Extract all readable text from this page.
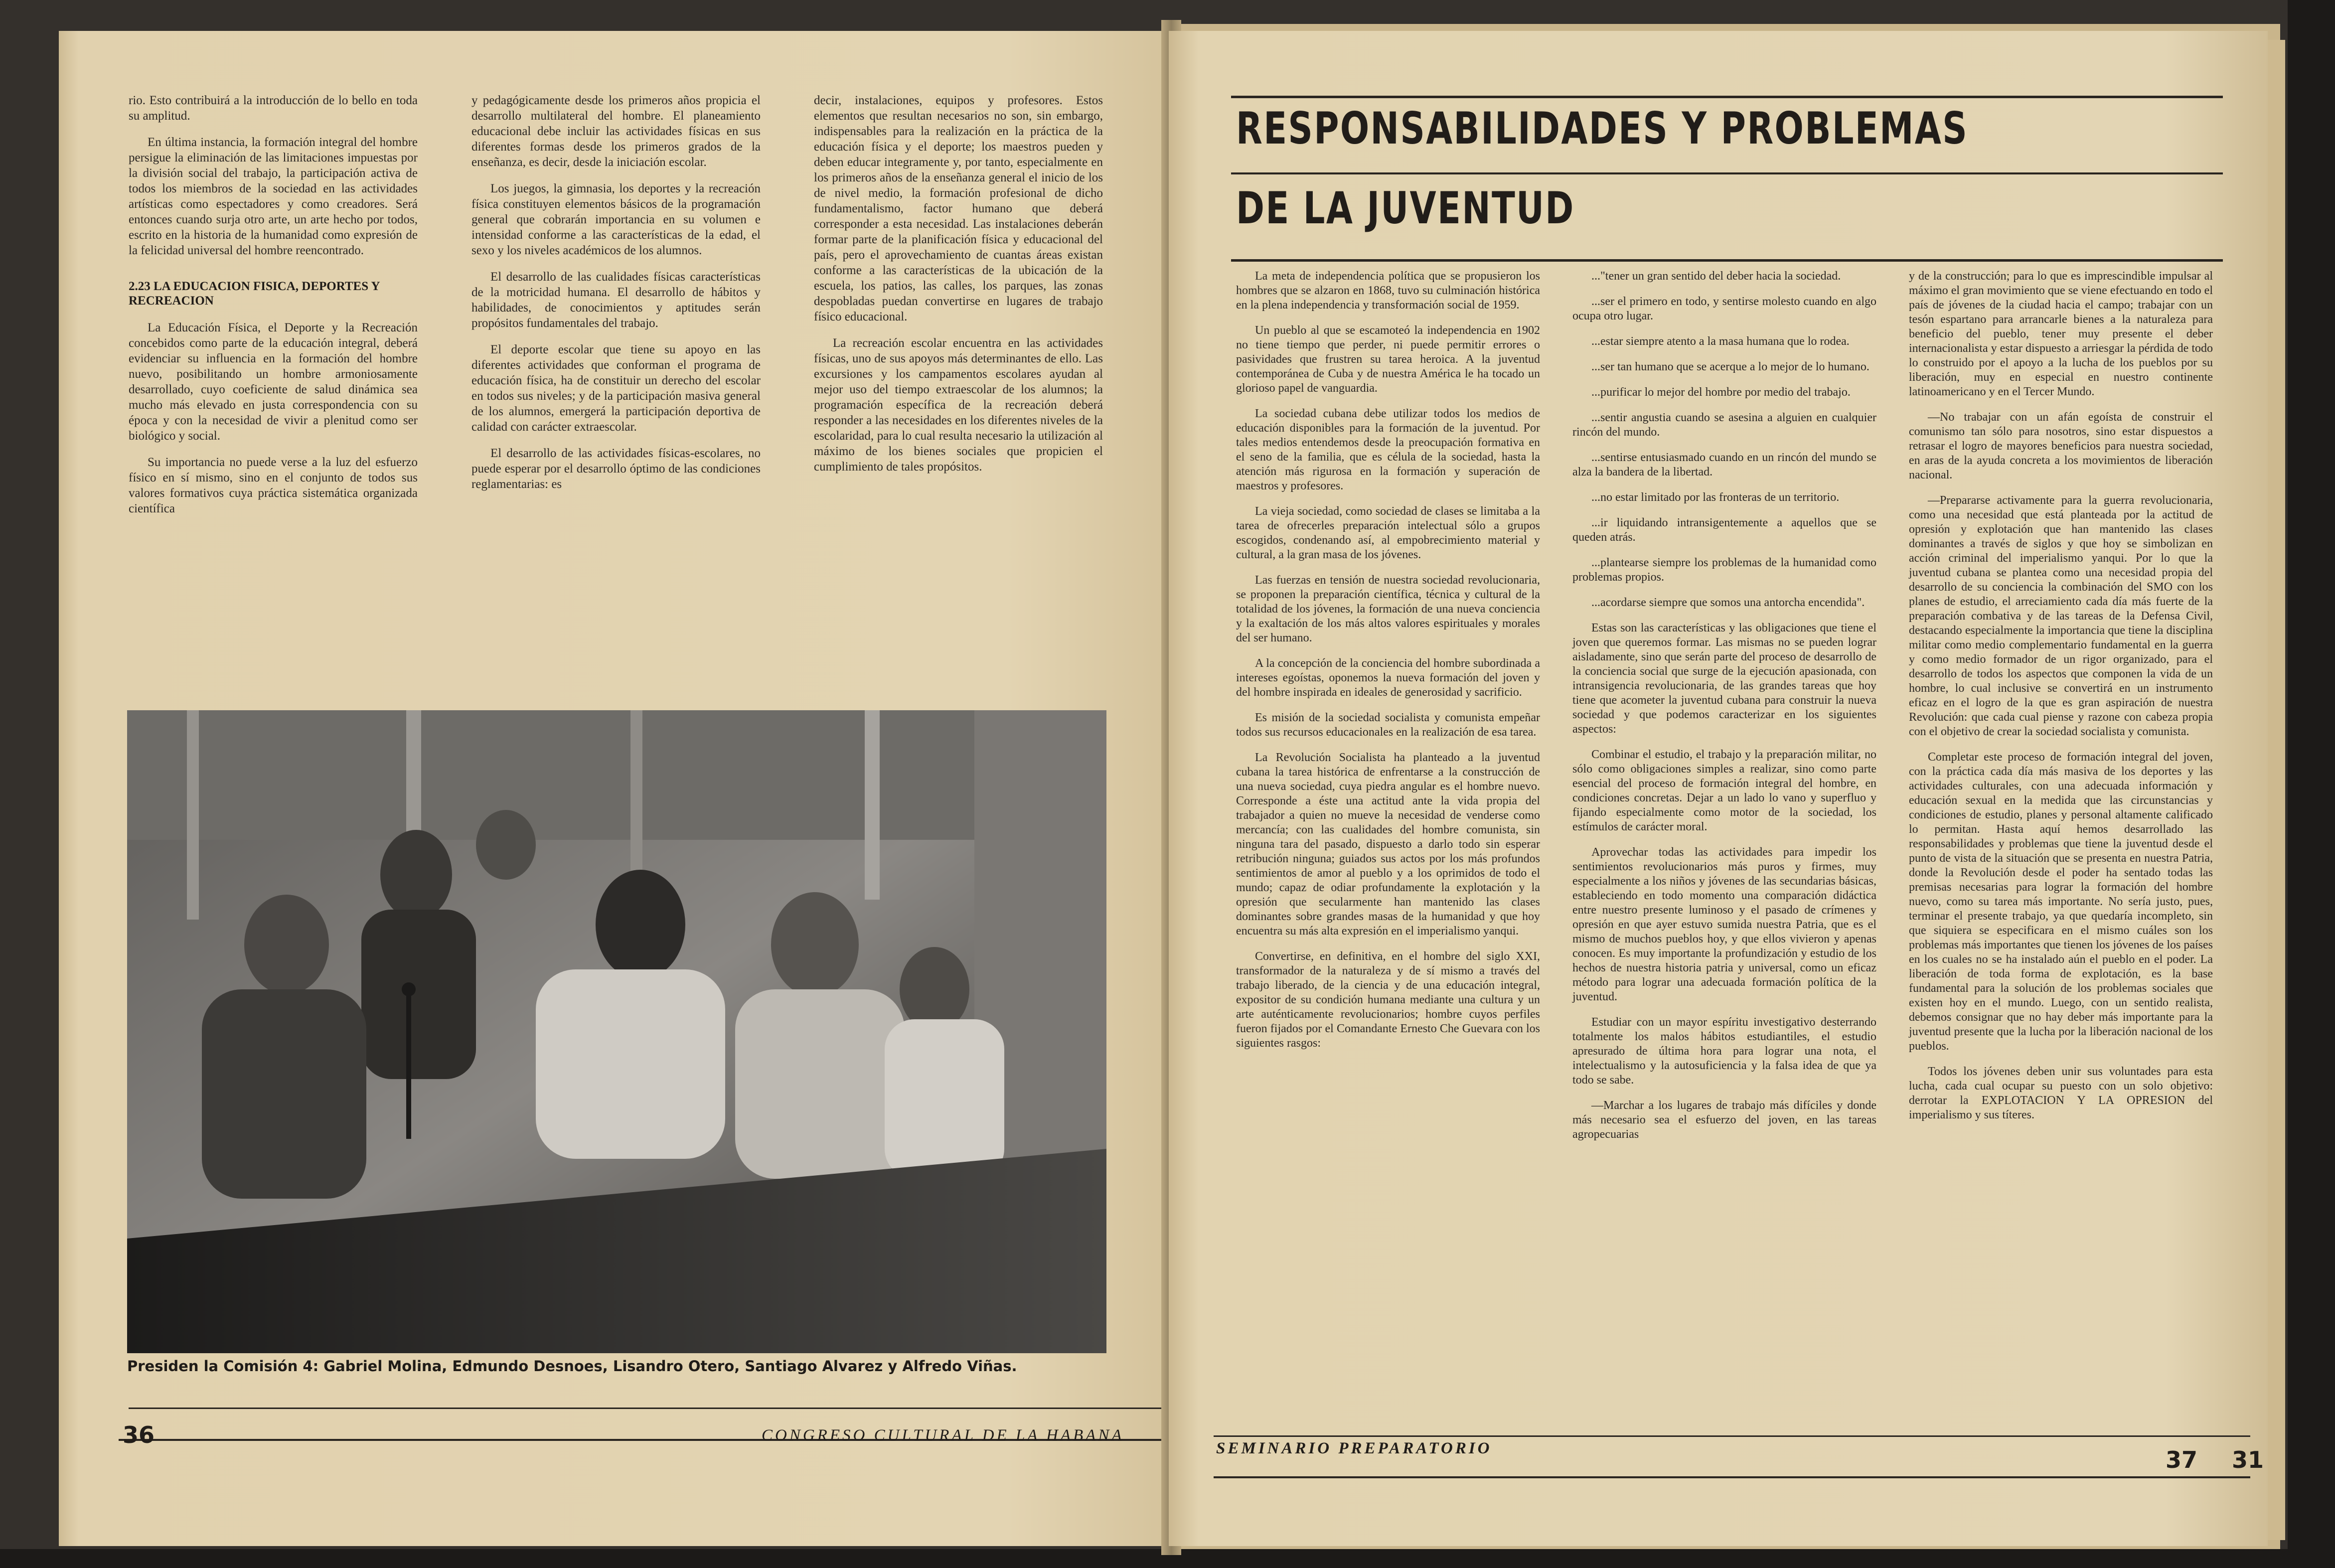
rio. Esto contribuirá a la introducción de lo bello en toda su amplitud.

En última instancia, la formación integral del hombre persigue la eliminación de las limitaciones impuestas por la división social del trabajo, la participación activa de todos los miembros de la sociedad en las actividades artísticas como espectadores y como creadores. Será entonces cuando surja otro arte, un arte hecho por todos, escrito en la historia de la humanidad como expresión de la felicidad universal del hombre reencontrado.

2.23 LA EDUCACION FISICA, DEPORTES Y RECREACION

La Educación Física, el Deporte y la Recreación concebidos como parte de la educación integral, deberá evidenciar su influencia en la formación del hombre nuevo, posibilitando un hombre armoniosamente desarrollado, cuyo coeficiente de salud dinámica sea mucho más elevado en justa correspondencia con su época y con la necesidad de vivir a plenitud como ser biológico y social.

Su importancia no puede verse a la luz del esfuerzo físico en sí mismo, sino en el conjunto de todos sus valores formativos cuya práctica sistemática organizada científica

y pedagógicamente desde los primeros años propicia el desarrollo multilateral del hombre. El planeamiento educacional debe incluir las actividades físicas en sus diferentes formas desde los primeros grados de la enseñanza, es decir, desde la iniciación escolar.

Los juegos, la gimnasia, los deportes y la recreación física constituyen elementos básicos de la programación general que cobrarán importancia en su volumen e intensidad conforme a las características de la edad, el sexo y los niveles académicos de los alumnos.

El desarrollo de las cualidades físicas características de la motricidad humana. El desarrollo de hábitos y habilidades, de conocimientos y aptitudes serán propósitos fundamentales del trabajo.

El deporte escolar que tiene su apoyo en las diferentes actividades que conforman el programa de educación física, ha de constituir un derecho del escolar en todos sus niveles; y de la participación masiva general de los alumnos, emergerá la participación deportiva de calidad con carácter extraescolar.

El desarrollo de las actividades físicas-escolares, no puede esperar por el desarrollo óptimo de las condiciones reglamentarias: es

decir, instalaciones, equipos y profesores. Estos elementos que resultan necesarios no son, sin embargo, indispensables para la realización en la práctica de la educación física y el deporte; los maestros pueden y deben educar integramente y, por tanto, especialmente en los primeros años de la enseñanza general el inicio de los de nivel medio, la formación profesional de dicho fundamentalismo, factor humano que deberá corresponder a esta necesidad. Las instalaciones deberán formar parte de la planificación física y educacional del país, pero el aprovechamiento de cuantas áreas existan conforme a las características de la ubicación de la escuela, los patios, las calles, los parques, las zonas despobladas puedan convertirse en lugares de trabajo físico educacional.

La recreación escolar encuentra en las actividades físicas, uno de sus apoyos más determinantes de ello. Las excursiones y los campamentos escolares ayudan al mejor uso del tiempo extraescolar de los alumnos; la programación específica de la recreación deberá responder a las necesidades en los diferentes niveles de la escolaridad, para lo cual resulta necesario la utilización al máximo de los bienes sociales que propicien el cumplimiento de tales propósitos.

36	CONGRESO CULTURAL DE LA HABANA

Presiden la Comisión 4: Gabriel Molina, Edmundo Desnoes, Lisandro Otero, Santiago Alvarez y Alfredo Viñas.

RESPONSABILIDADES Y PROBLEMAS

DE LA JUVENTUD

La meta de independencia política que se propusieron los hombres que se alzaron en 1868, tuvo su culminación histórica en la plena independencia y transformación social de 1959.

Un pueblo al que se escamoteó la independencia en 1902 no tiene tiempo que perder, ni puede permitir errores o pasividades que frustren su tarea heroica. A la juventud contemporánea de Cuba y de nuestra América le ha tocado un glorioso papel de vanguardia.

La sociedad cubana debe utilizar todos los medios de educación disponibles para la formación de la juventud. Por tales medios entendemos desde la preocupación formativa en el seno de la familia, que es célula de la sociedad, hasta la atención más rigurosa en la formación y superación de maestros y profesores.

La vieja sociedad, como sociedad de clases se limitaba a la tarea de ofrecerles preparación intelectual sólo a grupos escogidos, condenando así, al empobrecimiento material y cultural, a la gran masa de los jóvenes.

Las fuerzas en tensión de nuestra sociedad revolucionaria, se proponen la preparación científica, técnica y cultural de la totalidad de los jóvenes, la formación de una nueva conciencia y la exaltación de los más altos valores espirituales y morales del ser humano.

A la concepción de la conciencia del hombre subordinada a intereses egoístas, oponemos la nueva formación del joven y del hombre inspirada en ideales de generosidad y sacrificio.

Es misión de la sociedad socialista y comunista empeñar todos sus recursos educacionales en la realización de esa tarea.

La Revolución Socialista ha planteado a la juventud cubana la tarea histórica de enfrentarse a la construcción de una nueva sociedad, cuya piedra angular es el hombre nuevo. Corresponde a éste una actitud ante la vida propia del trabajador a quien no mueve la necesidad de venderse como mercancía; con las cualidades del hombre comunista, sin ninguna tara del pasado, dispuesto a darlo todo sin esperar retribución ninguna; guiados sus actos por los más profundos sentimientos de amor al pueblo y a los oprimidos de todo el mundo; capaz de odiar profundamente la explotación y la opresión que secularmente han mantenido las clases dominantes sobre grandes masas de la humanidad y que hoy encuentra su más alta expresión en el imperialismo yanqui.

Convertirse, en definitiva, en el hombre del siglo XXI, transformador de la naturaleza y de sí mismo a través del trabajo liberado, de la ciencia y de una educación integral, expositor de su condición humana mediante una cultura y un arte auténticamente revolucionarios; hombre cuyos perfiles fueron fijados por el Comandante Ernesto Che Guevara con los siguientes rasgos:

..."tener un gran sentido del deber hacia la sociedad.

...ser el primero en todo, y sentirse molesto cuando en algo ocupa otro lugar.

...estar siempre atento a la masa humana que lo rodea.

...ser tan humano que se acerque a lo mejor de lo humano.

...purificar lo mejor del hombre por medio del trabajo.

...sentir angustia cuando se asesina a alguien en cualquier rincón del mundo.

...sentirse entusiasmado cuando en un rincón del mundo se alza la bandera de la libertad.

...no estar limitado por las fronteras de un territorio.

...ir liquidando intransigentemente a aquellos que se queden atrás.

...plantearse siempre los problemas de la humanidad como problemas propios.

...acordarse siempre que somos una antorcha encendida".

Estas son las características y las obligaciones que tiene el joven que queremos formar. Las mismas no se pueden lograr aisladamente, sino que serán parte del proceso de desarrollo de la conciencia social que surge de la ejecución apasionada, con intransigencia revolucionaria, de las grandes tareas que hoy tiene que acometer la juventud cubana para construir la nueva sociedad y que podemos caracterizar en los siguientes aspectos:

Combinar el estudio, el trabajo y la preparación militar, no sólo como obligaciones simples a realizar, sino como parte esencial del proceso de formación integral del hombre, en condiciones concretas. Dejar a un lado lo vano y superfluo y fijando especialmente como motor de la sociedad, los estímulos de carácter moral.

Aprovechar todas las actividades para impedir los sentimientos revolucionarios más puros y firmes, muy especialmente a los niños y jóvenes de las secundarias básicas, estableciendo en todo momento una comparación didáctica entre nuestro presente luminoso y el pasado de crímenes y opresión en que ayer estuvo sumida nuestra Patria, que es el mismo de muchos pueblos hoy, y que ellos vivieron y apenas conocen. Es muy importante la profundización y estudio de los hechos de nuestra historia patria y universal, como un eficaz método para lograr una adecuada formación política de la juventud.

Estudiar con un mayor espíritu investigativo desterrando totalmente los malos hábitos estudiantiles, el estudio apresurado de última hora para lograr una nota, el intelectualismo y la autosuficiencia y la falsa idea de que ya todo se sabe.

—Marchar a los lugares de trabajo más difíciles y donde más necesario sea el esfuerzo del joven, en las tareas agropecuarias

y de la construcción; para lo que es imprescindible impulsar al máximo el gran movimiento que se viene efectuando en todo el país de jóvenes de la ciudad hacia el campo; trabajar con un tesón espartano para arrancarle bienes a la naturaleza para beneficio del pueblo, tener muy presente el deber internacionalista y estar dispuesto a arriesgar la pérdida de todo lo construido por el apoyo a la lucha de los pueblos por su liberación, muy en especial en nuestro continente latinoamericano y en el Tercer Mundo.

—No trabajar con un afán egoísta de construir el comunismo tan sólo para nosotros, sino estar dispuestos a retrasar el logro de mayores beneficios para nuestra sociedad, en aras de la ayuda concreta a los movimientos de liberación nacional.

—Prepararse activamente para la guerra revolucionaria, como una necesidad que está planteada por la actitud de opresión y explotación que han mantenido las clases dominantes a través de siglos y que hoy se simbolizan en acción criminal del imperialismo yanqui. Por lo que la juventud cubana se plantea como una necesidad propia del desarrollo de su conciencia la combinación del SMO con los planes de estudio, el arreciamiento cada día más fuerte de la preparación combativa y de las tareas de la Defensa Civil, destacando especialmente la importancia que tiene la disciplina militar como medio complementario fundamental en la guerra y como medio formador de un rigor organizado, para el desarrollo de todos los aspectos que componen la vida de un hombre, lo cual inclusive se convertirá en un instrumento eficaz en el logro de la que es gran aspiración de nuestra Revolución: que cada cual piense y razone con cabeza propia con el objetivo de crear la sociedad socialista y comunista.

Completar este proceso de formación integral del joven, con la práctica cada día más masiva de los deportes y las actividades culturales, con una adecuada información y educación sexual en la medida que las circunstancias y condiciones de estudio, planes y personal altamente calificado lo permitan. Hasta aquí hemos desarrollado las responsabilidades y problemas que tiene la juventud desde el punto de vista de la situación que se presenta en nuestra Patria, donde la Revolución desde el poder ha sentado todas las premisas necesarias para lograr la formación del hombre nuevo, como su tarea más importante. No sería justo, pues, terminar el presente trabajo, ya que quedaría incompleto, sin que siquiera se especificara en el mismo cuáles son los problemas más importantes que tienen los jóvenes de los países en los cuales no se ha instalado aún el pueblo en el poder. La liberación de toda forma de explotación, es la base fundamental para la solución de los problemas sociales que existen hoy en el mundo. Luego, con un sentido realista, debemos consignar que no hay deber más importante para la juventud presente que la lucha por la liberación nacional de los pueblos.

Todos los jóvenes deben unir sus voluntades para esta lucha, cada cual ocupar su puesto con un solo objetivo: derrotar la EXPLOTACION Y LA OPRESION del imperialismo y sus títeres.

SEMINARIO PREPARATORIO	37 31
